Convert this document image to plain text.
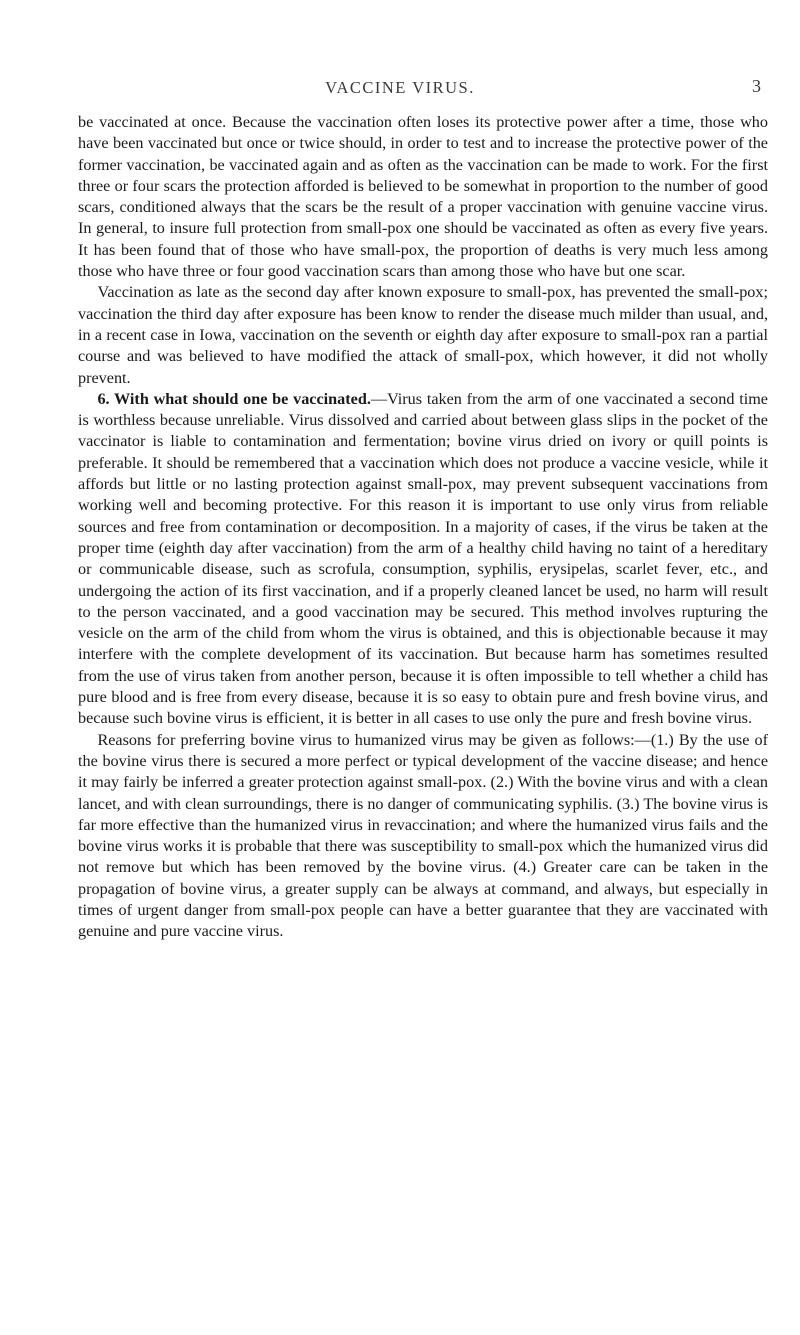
VACCINE VIRUS.	3

be vaccinated at once. Because the vaccination often loses its protective power after a time, those who have been vaccinated but once or twice should, in order to test and to increase the protective power of the former vaccination, be vaccinated again and as often as the vaccination can be made to work. For the first three or four scars the protection afforded is believed to be somewhat in proportion to the number of good scars, conditioned always that the scars be the result of a proper vaccination with genuine vaccine virus. In general, to insure full protection from small-pox one should be vaccinated as often as every five years. It has been found that of those who have small-pox, the proportion of deaths is very much less among those who have three or four good vaccination scars than among those who have but one scar.

Vaccination as late as the second day after known exposure to small-pox, has prevented the small-pox; vaccination the third day after exposure has been know to render the disease much milder than usual, and, in a recent case in Iowa, vaccination on the seventh or eighth day after exposure to small-pox ran a partial course and was believed to have modified the attack of small-pox, which however, it did not wholly prevent.

6. With what should one be vaccinated.—Virus taken from the arm of one vaccinated a second time is worthless because unreliable. Virus dissolved and carried about between glass slips in the pocket of the vaccinator is liable to contamination and fermentation; bovine virus dried on ivory or quill points is preferable. It should be remembered that a vaccination which does not produce a vaccine vesicle, while it affords but little or no lasting protection against small-pox, may prevent subsequent vaccinations from working well and becoming protective. For this reason it is important to use only virus from reliable sources and free from contamination or decomposition. In a majority of cases, if the virus be taken at the proper time (eighth day after vaccination) from the arm of a healthy child having no taint of a hereditary or communicable disease, such as scrofula, consumption, syphilis, erysipelas, scarlet fever, etc., and undergoing the action of its first vaccination, and if a properly cleaned lancet be used, no harm will result to the person vaccinated, and a good vaccination may be secured. This method involves rupturing the vesicle on the arm of the child from whom the virus is obtained, and this is objectionable because it may interfere with the complete development of its vaccination. But because harm has sometimes resulted from the use of virus taken from another person, because it is often impossible to tell whether a child has pure blood and is free from every disease, because it is so easy to obtain pure and fresh bovine virus, and because such bovine virus is efficient, it is better in all cases to use only the pure and fresh bovine virus.

Reasons for preferring bovine virus to humanized virus may be given as follows:—(1.) By the use of the bovine virus there is secured a more perfect or typical development of the vaccine disease; and hence it may fairly be inferred a greater protection against small-pox. (2.) With the bovine virus and with a clean lancet, and with clean surroundings, there is no danger of communicating syphilis. (3.) The bovine virus is far more effective than the humanized virus in revaccination; and where the humanized virus fails and the bovine virus works it is probable that there was susceptibility to small-pox which the humanized virus did not remove but which has been removed by the bovine virus. (4.) Greater care can be taken in the propagation of bovine virus, a greater supply can be always at command, and always, but especially in times of urgent danger from small-pox people can have a better guarantee that they are vaccinated with genuine and pure vaccine virus.
